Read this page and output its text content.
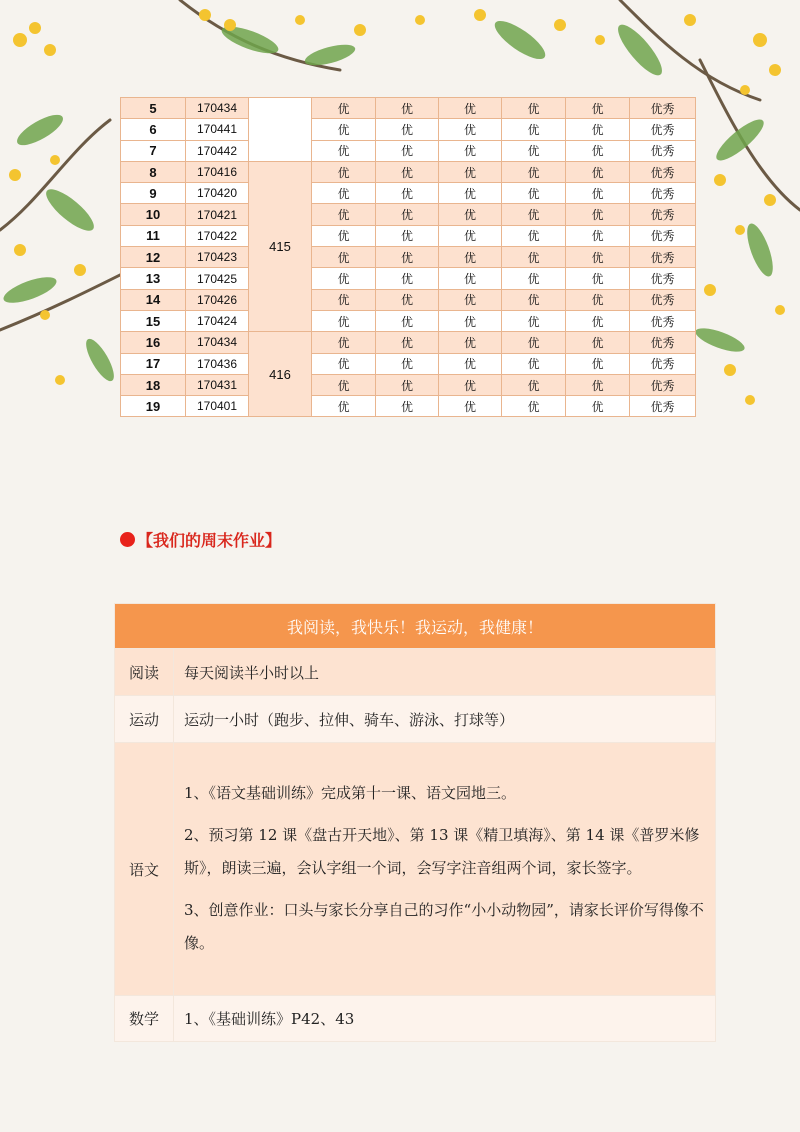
5	170434		优	优	优	优	优	优秀
6	170441		优	优	优	优	优	优秀
7	170442		优	优	优	优	优	优秀
8	170416	415	优	优	优	优	优	优秀
9	170420		优	优	优	优	优	优秀
10	170421		优	优	优	优	优	优秀
11	170422		优	优	优	优	优	优秀
12	170423		优	优	优	优	优	优秀
13	170425		优	优	优	优	优	优秀
14	170426		优	优	优	优	优	优秀
15	170424		优	优	优	优	优	优秀
16	170434	416	优	优	优	优	优	优秀
17	170436		优	优	优	优	优	优秀
18	170431		优	优	优	优	优	优秀
19	170401		优	优	优	优	优	优秀
【我们的周末作业】
我阅读，我快乐！我运动，我健康！	
阅读	每天阅读半小时以上
运动	运动一小时（跑步、拉伸、骑车、游泳、打球等）
语文	1、《语文基础训练》完成第十一课、语文园地三。
2、预习第 12 课《盘古开天地》、第 13 课《精卫填海》、第 14 课《普罗米修斯》，朗读三遍，会认字组一个词，会写字注音组两个词，家长签字。
3、创意作业：口头与家长分享自己的习作“小小动物园”，请家长评价写得像不像。

数学	1、《基础训练》P42、43
